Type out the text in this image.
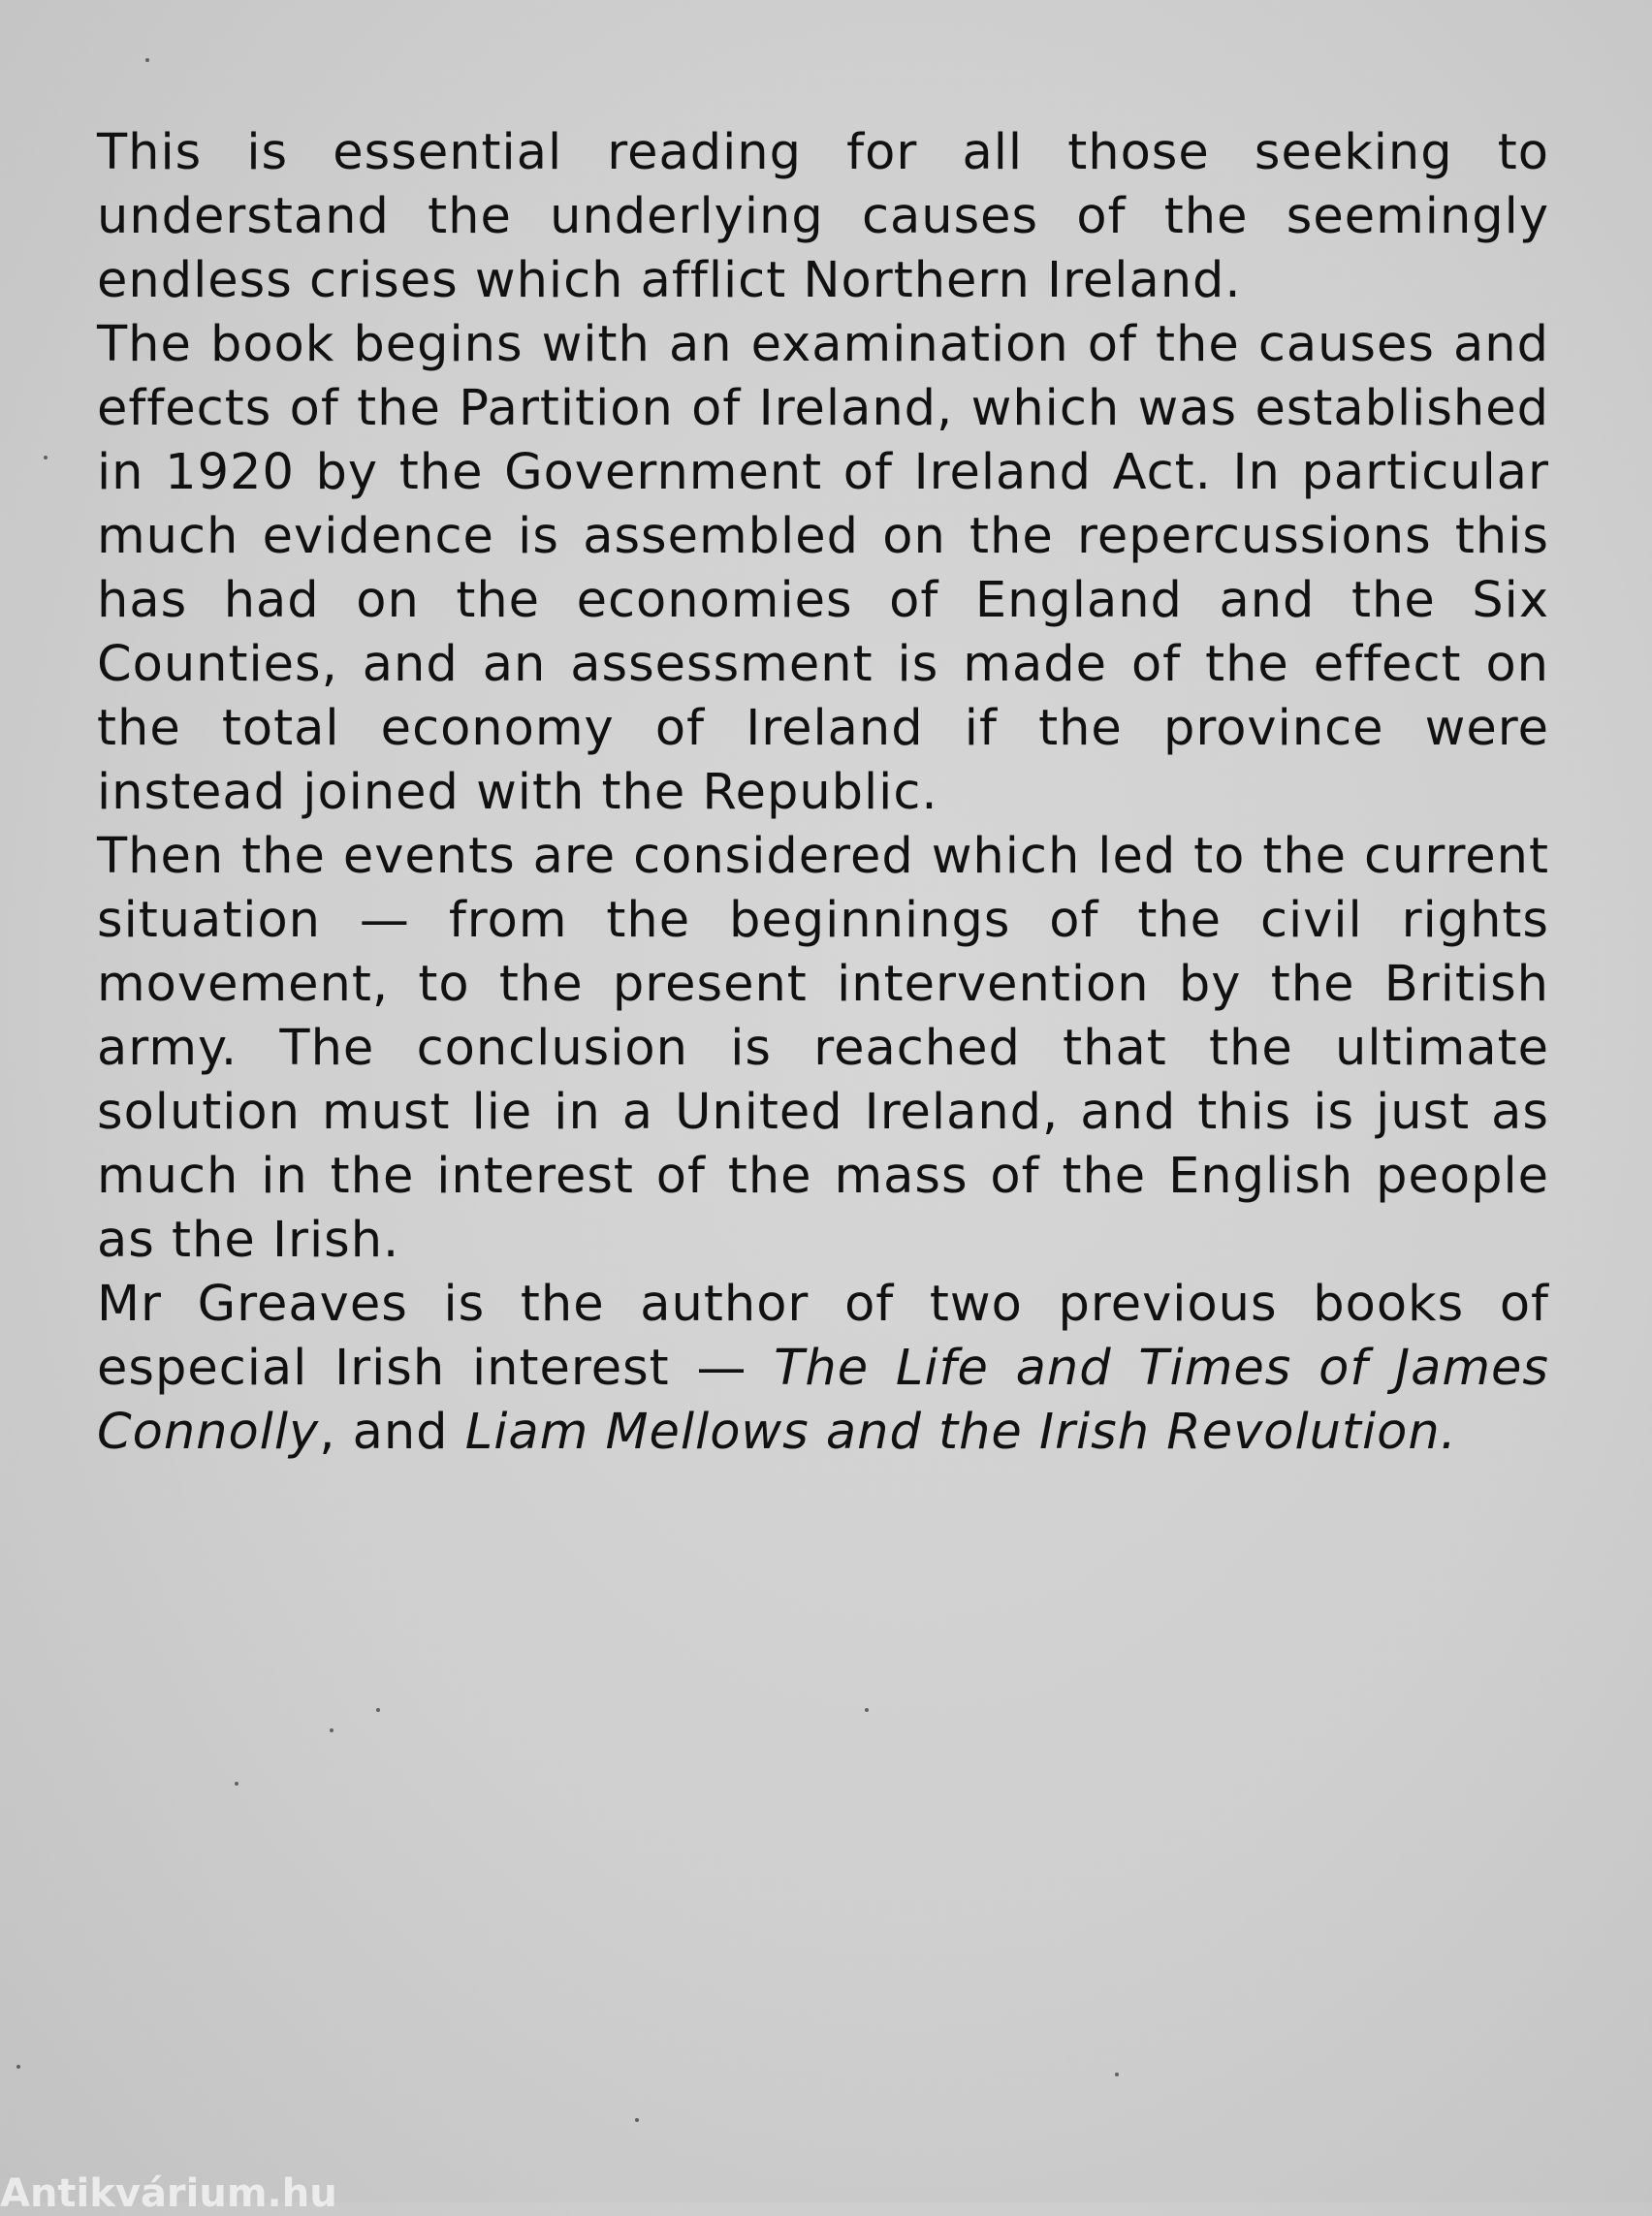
This is essential reading for all those seeking to understand the underlying causes of the seemingly endless crises which afflict Northern Ireland.

The book begins with an examination of the causes and effects of the Partition of Ireland, which was established in 1920 by the Government of Ireland Act. In particular much evidence is assembled on the repercussions this has had on the economies of England and the Six Counties, and an assessment is made of the effect on the total economy of Ireland if the province were instead joined with the Republic.

Then the events are considered which led to the current situation — from the beginnings of the civil rights movement, to the present intervention by the British army. The conclusion is reached that the ultimate solution must lie in a United Ireland, and this is just as much in the interest of the mass of the English people as the Irish.

Mr Greaves is the author of two previous books of especial Irish interest — The Life and Times of James Connolly, and Liam Mellows and the Irish Revolution.

Antikvárium.hu
